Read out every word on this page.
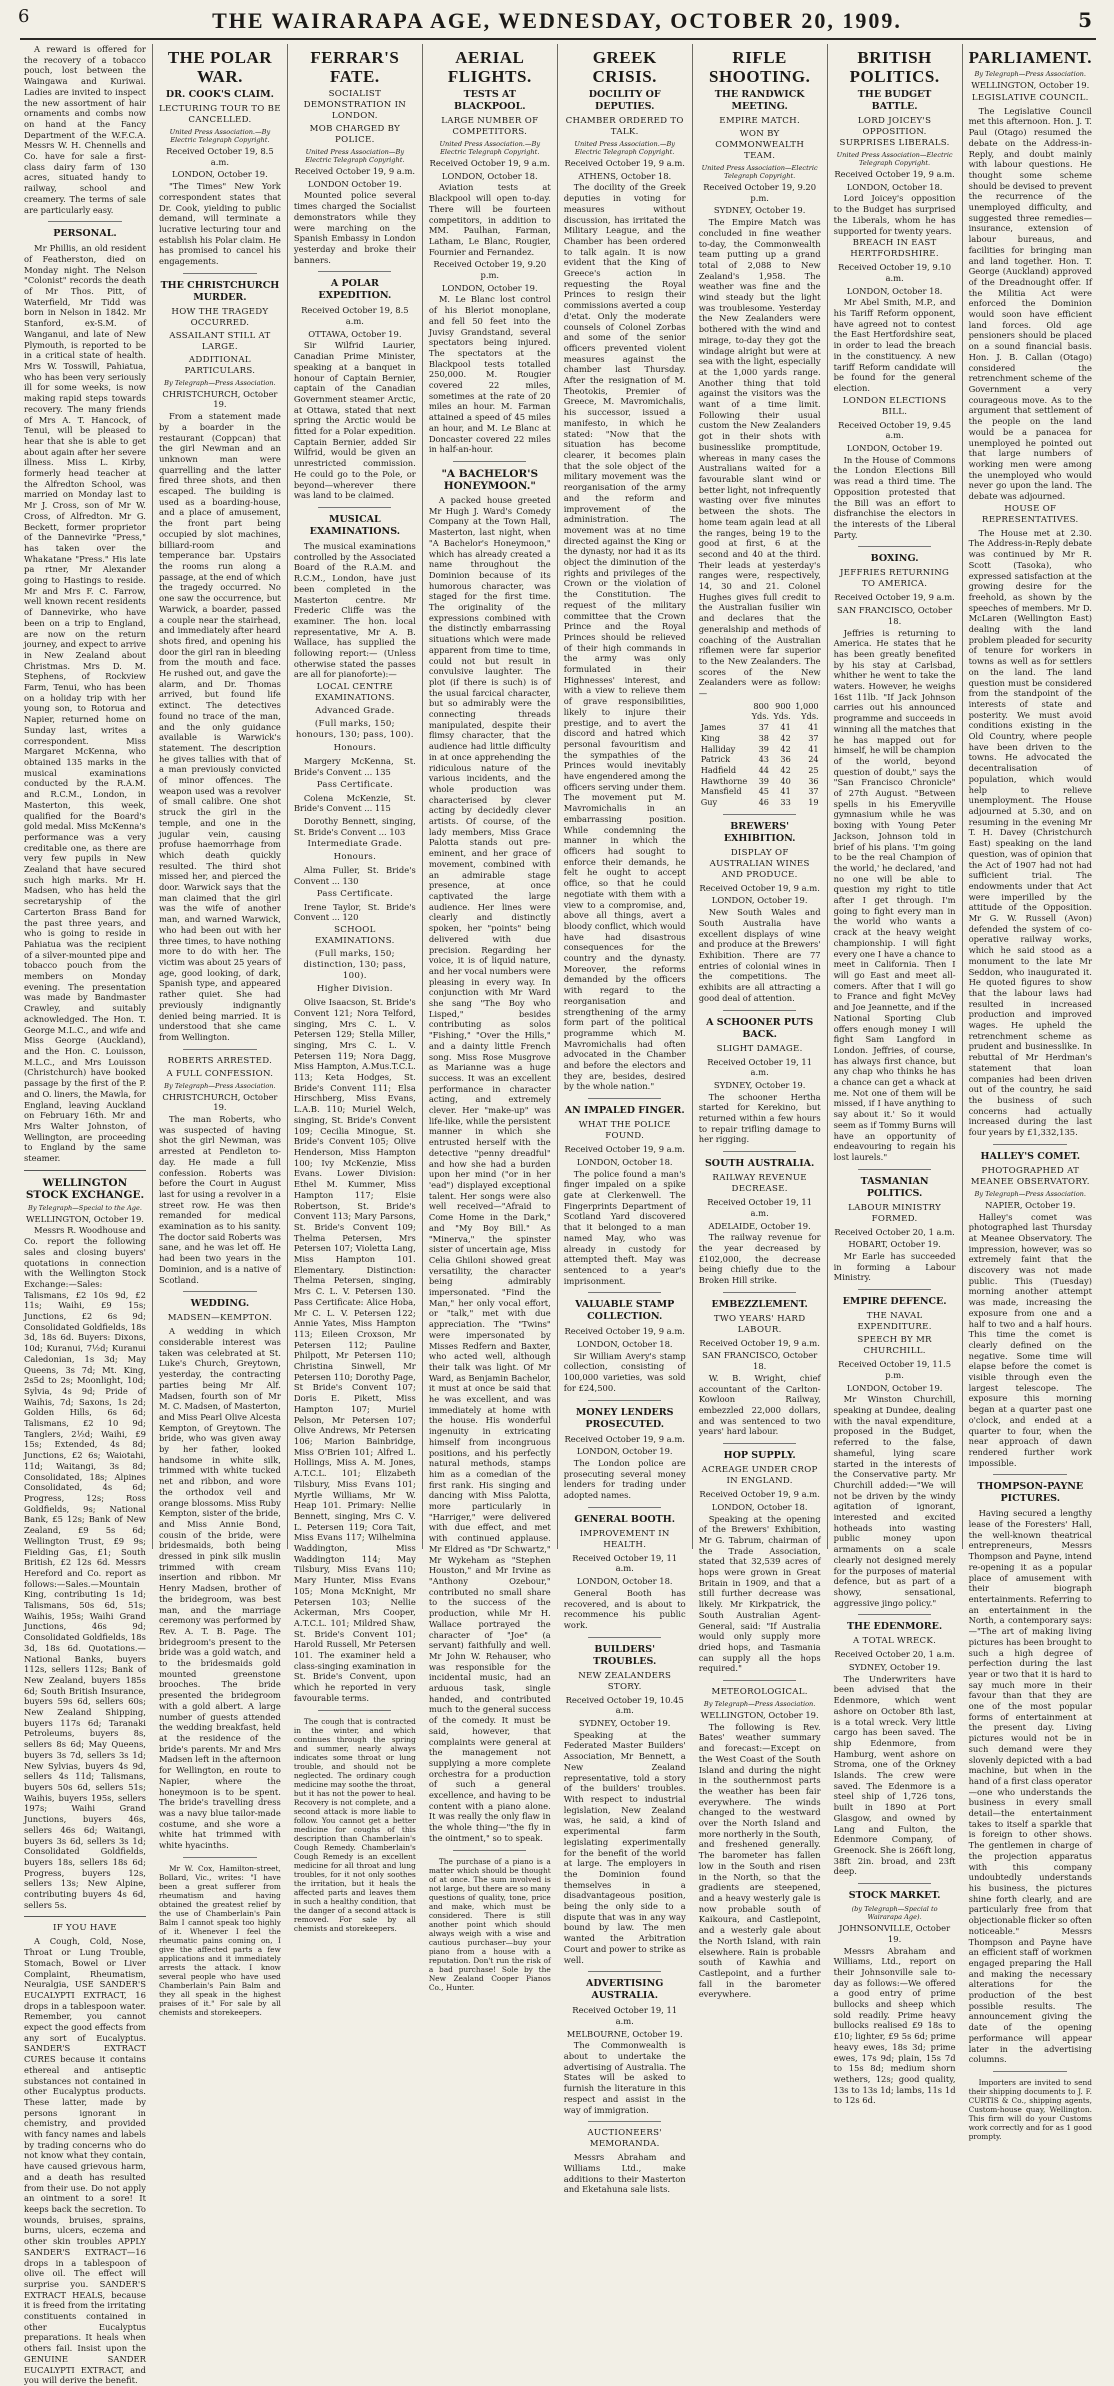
6	THE WAIRARAPA AGE, WEDNESDAY, OCTOBER 20, 1909.	5

A reward is offered for the recovery of a tobacco pouch, lost between the Waingawa and Kuriwai. Ladies are invited to inspect the new assortment of hair ornaments and combs now on hand at the Fancy Department of the W.F.C.A. Messrs W. H. Chennells and Co. have for sale a first-class dairy farm of 130 acres, situated handy to railway, school and creamery. The terms of sale are particularly easy.

PERSONAL.

Mr Phillis, an old resident of Featherston, died on Monday night. The Nelson "Colonist" records the death of Mr Thos. Pitt, of Waterfield, Mr Tidd was born in Nelson in 1842. Mr Stanford, ex-S.M. of Wanganui, and late of New Plymouth, is reported to be in a critical state of health. Mrs W. Tosswill, Pahiatua, who has been very seriously ill for some weeks, is now making rapid steps towards recovery. The many friends of Mrs A. T. Hancock, of Tenui, will be pleased to hear that she is able to get about again after her severe illness. Miss L. Kirby, formerly head teacher at the Alfredton School, was married on Monday last to Mr J. Cross, son of Mr W. Cross, of Alfredton. Mr G. Beckett, former proprietor of the Dannevirke "Press," has taken over the Whakatane "Press." His late pa rtner, Mr Alexander going to Hastings to reside. Mr and Mrs F. C. Farrow, well known recent residents of Dannevirke, who have been on a trip to England, are now on the return journey, and expect to arrive in New Zealand about Christmas. Mrs D. M. Stephens, of Rockview Farm, Tenui, who has been on a holiday trip with her young son, to Rotorua and Napier, returned home on Sunday last, writes a correspondent. Miss Margaret McKenna, who obtained 135 marks in the musical examinations conducted by the R.A.M. and R.C.M., London, in Masterton, this week, qualified for the Board's gold medal. Miss McKenna's performance was a very creditable one, as there are very few pupils in New Zealand that have secured such high marks. Mr H. Madsen, who has held the secretaryship of the Carterton Brass Band for the past three years, and who is going to reside in Pahiatua was the recipient of a silver-mounted pipe and tobacco pouch from the members on Monday evening. The presentation was made by Bandmaster Crawley, and suitably acknowledged. The Hon. T. George M.L.C., and wife and Miss George (Auckland), and the Hon. C. Louisson, M.L.C., and Mrs Louisson (Christchurch) have booked passage by the first of the P. and O. liners, the Mawla, for England, leaving Auckland on February 16th. Mr and Mrs Walter Johnston, of Wellington, are proceeding to England by the same steamer.

WELLINGTON STOCK EXCHANGE.
By Telegraph—Special to the Age.
WELLINGTON, October 19.

Messrs R. Woodhouse and Co. report the following sales and closing buyers' quotations in connection with the Wellington Stock Exchange:—Sales: Talismans, £2 10s 9d, £2 11s; Waihi, £9 15s; Junctions, £2 6s 9d; Consolidated Goldfields, 18s 3d, 18s 6d. Buyers: Dixons, 10d; Kuranui, 7½d; Kuranui Caledonian, 1s 3d; May Queens, 3s 7d; Mt. King, 2s5d to 2s; Moonlight, 10d; Sylvia, 4s 9d; Pride of Waihis, 7d; Saxons, 1s 2d; Golden Hills, 6s 6d; Talismans, £2 10 9d; Tanglers, 2½d; Waihi, £9 15s; Extended, 4s 8d; Junctions, £2 6s; Waiotahi, 11d; Waitangi, 3s 8d; Consolidated, 18s; Alpines Consolidated, 4s 6d; Progress, 12s; Ross Goldfields, 9s; National Bank, £5 12s; Bank of New Zealand, £9 5s 6d; Wellington Trust, £9 9s; Fielding Gas, £1; South British, £2 12s 6d. Messrs Hereford and Co. report as follows:—Sales.—Mountain King, contributing 1s 1d; Talismans, 50s 6d, 51s; Waihis, 195s; Waihi Grand Junctions, 46s 9d; Consolidated Goldfields, 18s 3d, 18s 6d. Quotations.—National Banks, buyers 112s, sellers 112s; Bank of New Zealand, buyers 185s 6d; South British Insurance, buyers 59s 6d, sellers 60s; New Zealand Shipping, buyers 117s 6d; Taranaki Petroleums, buyers 8s, sellers 8s 6d; May Queens, buyers 3s 7d, sellers 3s 1d; New Sylvias, buyers 4s 9d, sellers 4s 11d; Talismans, buyers 50s 6d, sellers 51s; Waihis, buyers 195s, sellers 197s; Waihi Grand Junctions, buyers 46s, sellers 46s 6d; Waitangi, buyers 3s 6d, sellers 3s 1d; Consolidated Goldfields, buyers 18s, sellers 18s 6d; Progress, buyers 12s, sellers 13s; New Alpine, contributing buyers 4s 6d, sellers 5s.

IF YOU HAVE

A Cough, Cold, Nose, Throat or Lung Trouble, Stomach, Bowel or Liver Complaint, Rheumatism, Neuralgia, USE SANDER'S EUCALYPTI EXTRACT, 16 drops in a tablespoon water. Remember, you cannot expect the good effects from any sort of Eucalyptus. SANDER'S EXTRACT CURES because it contains ethereal and antiseptic substances not contained in other Eucalyptus products. These latter, made by persons ignorant in chemistry, and provided with fancy names and labels by trading concerns who do not know what they contain, have caused grievous harm, and a death has resulted from their use. Do not apply an ointment to a sore! It keeps back the secretion. To wounds, bruises, sprains, burns, ulcers, eczema and other skin troubles APPLY SANDER'S EXTRACT—16 drops in a tablespoon of olive oil. The effect will surprise you. SANDER'S EXTRACT HEALS, because it is freed from the irritating constituents contained in other Eucalyptus preparations. It heals when others fail. Insist upon the GENUINE SANDER EUCALYPTI EXTRACT, and you will derive the benefit.

THE POLAR WAR.
DR. COOK'S CLAIM.
LECTURING TOUR TO BE CANCELLED.
United Press Association.—By Electric Telegraph Copyright.
Received October 19, 8.5 a.m.
LONDON, October 19.

"The Times" New York correspondent states that Dr. Cook, yielding to public demand, will terminate a lucrative lecturing tour and establish his Polar claim. He has promised to cancel his engagements.

THE CHRISTCHURCH MURDER.
HOW THE TRAGEDY OCCURRED.
ASSAILANT STILL AT LARGE.
ADDITIONAL PARTICULARS.
By Telegraph—Press Association.
CHRISTCHURCH, October 19.

From a statement made by a boarder in the restaurant (Coppcan) that the girl Newman and an unknown man were quarrelling and the latter fired three shots, and then escaped. The building is used as a boarding-house, and a place of amusement, the front part being occupied by slot machines, billiard-room and temperance bar. Upstairs the rooms run along a passage, at the end of which the tragedy occurred. No one saw the occurrence, but Warwick, a boarder, passed a couple near the stairhead, and immediately after heard shots fired, and opening his door the girl ran in bleeding from the mouth and face. He rushed out, and gave the alarm, and Dr. Thomas arrived, but found life extinct. The detectives found no trace of the man, and the only guidance available is Warwick's statement. The description he gives tallies with that of a man previously convicted of minor offences. The weapon used was a revolver of small calibre. One shot struck the girl in the temple, and one in the jugular vein, causing profuse haemorrhage from which death quickly resulted. The third shot missed her, and pierced the door. Warwick says that the man claimed that the girl was the wife of another man, and warned Warwick, who had been out with her three times, to have nothing more to do with her. The victim was about 25 years of age, good looking, of dark, Spanish type, and appeared rather quiet. She had previously indignantly denied being married. It is understood that she came from Wellington.

ROBERTS ARRESTED.
A FULL CONFESSION.
By Telegraph—Press Association.
CHRISTCHURCH, October 19.

The man Roberts, who was suspected of having shot the girl Newman, was arrested at Pendleton to-day. He made a full confession. Roberts was before the Court in August last for using a revolver in a street row. He was then remanded for medical examination as to his sanity. The doctor said Roberts was sane, and he was let off. He had been two years in the Dominion, and is a native of Scotland.

WEDDING.
MADSEN—KEMPTON.

A wedding in which considerable interest was taken was celebrated at St. Luke's Church, Greytown, yesterday, the contracting parties being Mr Alf. Madsen, fourth son of Mr M. C. Madsen, of Masterton, and Miss Pearl Olive Alcesta Kempton, of Greytown. The bride, who was given away by her father, looked handsome in white silk, trimmed with white tucked net and ribbon, and wore the orthodox veil and orange blossoms. Miss Ruby Kempton, sister of the bride, and Miss Annie Bond, cousin of the bride, were bridesmaids, both being dressed in pink silk muslin trimmed with cream insertion and ribbon. Mr Henry Madsen, brother of the bridegroom, was best man, and the marriage ceremony was performed by Rev. A. T. B. Page. The bridegroom's present to the bride was a gold watch, and to the bridesmaids gold mounted greenstone brooches. The bride presented the bridegroom with a gold albert. A large number of guests attended the wedding breakfast, held at the residence of the bride's parents. Mr and Mrs Madsen left in the afternoon for Wellington, en route to Napier, where the honeymoon is to be spent. The bride's travelling dress was a navy blue tailor-made costume, and she wore a white hat trimmed with white hyacinths.

Mr W. Cox, Hamilton-street, Bollard, Vic., writes: "I have been a great sufferer from rheumatism and having obtained the greatest relief by the use of Chamberlain's Pain Balm I cannot speak too highly of it. Whenever I feel the rheumatic pains coming on, I give the affected parts a few applications and it immediately arrests the attack. I know several people who have used Chamberlain's Pain Balm and they all speak in the highest praises of it." For sale by all chemists and storekeepers.

FERRAR'S FATE.
SOCIALIST DEMONSTRATION IN LONDON.
MOB CHARGED BY POLICE.
United Press Association—By Electric Telegraph Copyright.
Received October 19, 9 a.m.
LONDON October 19.

Mounted police several times charged the Socialist demonstrators while they were marching on the Spanish Embassy in London yesterday and broke their banners.

A POLAR EXPEDITION.
Received October 19, 8.5 a.m.
OTTAWA, October 19.

Sir Wilfrid Laurier, Canadian Prime Minister, speaking at a banquet in honour of Captain Bernier, captain of the Canadian Government steamer Arctic, at Ottawa, stated that next spring the Arctic would be fitted for a Polar expedition. Captain Bernier, added Sir Wilfrid, would be given an unrestricted commission. He could go to the Pole, or beyond—wherever there was land to be claimed.

MUSICAL EXAMINATIONS.

The musical examinations controlled by the Associated Board of the R.A.M. and R.C.M., London, have just been completed in the Masterton centre. Mr Frederic Cliffe was the examiner. The hon. local representative, Mr A. B. Wallace, has supplied the following report:— (Unless otherwise stated the passes are all for pianoforte):—

LOCAL CENTRE EXAMINATIONS.
Advanced Grade.
(Full marks, 150; honours, 130; pass, 100).
Honours.

Margery McKenna, St. Bride's Convent ... 135

Pass Certificate.

Colena McKenzie, St. Bride's Convent ... 115

Dorothy Bennett, singing, St. Bride's Convent ... 103

Intermediate Grade.
Honours.

Alma Fuller, St. Bride's Convent ... 130

Pass Certificate.

Irene Taylor, St. Bride's Convent ... 120

SCHOOL EXAMINATIONS.
(Full marks, 150; distinction, 130; pass, 100).
Higher Division.

Olive Isaacson, St. Bride's Convent 121; Nora Telford, singing, Mrs C. L. V. Petersen 129; Stella Miller, singing, Mrs C. L. V. Petersen 119; Nora Dagg, Miss Hampton, A.Mus.T.C.L. 113; Keta Hodges, St. Bride's Convent 111; Elsa Hirschberg, Miss Evans, L.A.B. 110; Muriel Welch, singing, St. Bride's Convent 109; Cecilia Minogue, St. Bride's Convent 105; Olive Henderson, Miss Hampton 100; Ivy McKenzie, Miss Evans. Lower Division: Ethel M. Kummer, Miss Hampton 117; Elsie Robertson, St. Bride's Convent 113; Mary Parsons, St. Bride's Convent 109; Thelma Petersen, Mrs Petersen 107; Violetta Lang, Miss Hampton 101. Elementary. Distinction: Thelma Petersen, singing, Mrs C. L. V. Petersen 130. Pass Certificate: Alice Hoba, Mr C. L. V. Petersen 122; Annie Yates, Miss Hampton 113; Eileen Croxson, Mr Petersen 112; Pauline Philpott, Mr Petersen 110; Christina Sinwell, Mr Petersen 110; Dorothy Page, St Bride's Convent 107; Doris E. Pikett, Miss Hampton 107; Muriel Pelson, Mr Petersen 107; Olive Andrews, Mr Petersen 106; Marion Bainbridge, Miss O'Brien 101; Alfred L. Hollings, Miss A. M. Jones, A.T.C.L. 101; Elizabeth Tilsbury, Miss Evans 101; Myrtle Williams, Mr W. Heap 101. Primary: Nellie Bennett, singing, Mrs C. V. L. Petersen 119; Cora Tait, Miss Evans 117; Wilhelmina Waddington, Miss Waddington 114; May Tilsbury, Miss Evans 110; Mary Hunter, Miss Evans 105; Mona McKnight, Mr Petersen 103; Nellie Ackerman, Mrs Cooper, A.T.C.L. 101; Mildred Shaw, St. Bride's Convent 101; Harold Russell, Mr Petersen 101. The examiner held a class-singing examination in St. Bride's Convent, upon which he reported in very favourable terms.

The cough that is contracted in the winter, and which continues through the spring and summer, nearly always indicates some throat or lung trouble, and should not be neglected. The ordinary cough medicine may soothe the throat, but it has not the power to heal. Recovery is not complete, and a second attack is more liable to follow. You cannot get a better medicine for coughs of this description than Chamberlain's Cough Remedy. Chamberlain's Cough Remedy is an excellent medicine for all throat and lung troubles, for it not only soothes the irritation, but it heals the affected parts and leaves them in such a healthy condition, that the danger of a second attack is removed. For sale by all chemists and storekeepers.

AERIAL FLIGHTS.
TESTS AT BLACKPOOL.
LARGE NUMBER OF COMPETITORS.
United Press Association.—By Electric Telegraph Copyright.
Received October 19, 9 a.m.
LONDON, October 18.

Aviation tests at Blackpool will open to-day. There will be fourteen competitors, in addition to MM. Paulhan, Farman, Latham, Le Blanc, Rougier, Fournier and Fernandez.

Received October 19, 9.20 p.m.
LONDON, October 19.

M. Le Blanc lost control of his Bleriot monoplane, and fell 50 feet into the Juvisy Grandstand, several spectators being injured. The spectators at the Blackpool tests totalled 250,000. M. Rougier covered 22 miles, sometimes at the rate of 20 miles an hour. M. Farman attained a speed of 45 miles an hour, and M. Le Blanc at Doncaster covered 22 miles in half-an-hour.

"A BACHELOR'S HONEYMOON."

A packed house greeted Mr Hugh J. Ward's Comedy Company at the Town Hall, Masterton, last night, when "A Bachelor's Honeymoon," which has already created a name throughout the Dominion because of its humorous character, was staged for the first time. The originality of the expressions combined with the distinctly embarrassing situations which were made apparent from time to time, could not but result in convulsive laughter. The plot (if there is such) is of the usual farcical character, but so admirably were the connecting threads manipulated, despite their flimsy character, that the audience had little difficulty in at once apprehending the ridiculous nature of the various incidents, and the whole production was characterised by clever acting by decidedly clever artists. Of course, of the lady members, Miss Grace Palotta stands out pre-eminent, and her grace of movement, combined with an admirable stage presence, at once captivated the large audience. Her lines were clearly and distinctly spoken, her "points" being delivered with due precision. Regarding her voice, it is of liquid nature, and her vocal numbers were pleasing in every way. In conjunction with Mr Ward she sang "The Boy who Lisped," besides contributing as solos "Fishing," "Over the Hills," and a dainty little French song. Miss Rose Musgrove as Marianne was a huge success. It was an excellent performance in character acting, and extremely clever. Her "make-up" was life-like, while the persistent manner in which she entrusted herself with the detective "penny dreadful" and how she had a burden upon her mind ("or in her 'ead") displayed exceptional talent. Her songs were also well received—"Afraid to Come Home in the Dark," and "My Boy Bill." As "Minerva," the spinster sister of uncertain age, Miss Celia Ghiloni showed great versatility, the character being admirably impersonated. "Find the Man," her only vocal effort, or "talk," met with due appreciation. The "Twins" were impersonated by Misses Redfern and Baxter, who acted well, although their talk was light. Of Mr Ward, as Benjamin Bachelor, it must at once be said that he was excellent, and was immediately at home with the house. His wonderful ingenuity in extricating himself from incongruous positions, and his perfectly natural methods, stamps him as a comedian of the first rank. His singing and dancing with Miss Palotta, more particularly in "Harriger," were delivered with due effect, and met with continued applause. Mr Eldred as "Dr Schwartz," Mr Wykeham as "Stephen Houston," and Mr Irvine as "Anthony Ozebour," contributed no small share to the success of the production, while Mr H. Wallace portrayed the character of "Joe" (a servant) faithfully and well. Mr John W. Rehauser, who was responsible for the incidental music, had an arduous task, single handed, and contributed much to the general success of the comedy. It must be said, however, that complaints were general at the management not supplying a more complete orchestra for a production of such a general excellence, and having to be content with a piano alone. It was really the only flaw in the whole thing—"the fly in the ointment," so to speak.

The purchase of a piano is a matter which should be thought of at once. The sum involved is not large, but there are so many questions of quality, tone, price and make, which must be considered. There is still another point which should always weigh with a wise and cautious purchaser—buy your piano from a house with a reputation. Don't run the risk of a bad purchase! Sole by the New Zealand Cooper Pianos Co., Hunter.

GREEK CRISIS.
DOCILITY OF DEPUTIES.
CHAMBER ORDERED TO TALK.
United Press Association.—By Electric Telegraph Copyright.
Received October 19, 9 a.m.
ATHENS, October 18.

The docility of the Greek deputies in voting for measures without discussion, has irritated the Military League, and the Chamber has been ordered to talk again. It is now evident that the King of Greece's action in requesting the Royal Princes to resign their commissions averted a coup d'etat. Only the moderate counsels of Colonel Zorbas and some of the senior officers prevented violent measures against the chamber last Thursday. After the resignation of M. Theotokis, Premier of Greece, M. Mavromichalis, his successor, issued a manifesto, in which he stated: "Now that the situation has become clearer, it becomes plain that the sole object of the military movement was the reorganisation of the army and the reform and improvement of the administration. The movement was at no time directed against the King or the dynasty, nor had it as its object the diminution of the rights and privileges of the Crown or the violation of the Constitution. The request of the military committee that the Crown Prince and the Royal Princes should be relieved of their high commands in the army was only formulated in their Highnesses' interest, and with a view to relieve them of grave responsibilities, likely to injure their prestige, and to avert the discord and hatred which personal favouritism and the sympathies of the Princes would inevitably have engendered among the officers serving under them. The movement put M. Mavromichalis in an embarrassing position. While condemning the manner in which the officers had sought to enforce their demands, he felt he ought to accept office, so that he could negotiate with them with a view to a compromise, and, above all things, avert a bloody conflict, which would have had disastrous consequences for the country and the dynasty. Moreover, the reforms demanded by the officers with regard to the reorganisation and strengthening of the army form part of the political programme which M. Mavromichalis had often advocated in the Chamber and before the electors and they are, besides, desired by the whole nation."

AN IMPALED FINGER.
WHAT THE POLICE FOUND.
Received October 19, 9 a.m.
LONDON, October 18.

The police found a man's finger impaled on a spike gate at Clerkenwell. The Fingerprints Department of Scotland Yard discovered that it belonged to a man named May, who was already in custody for attempted theft. May was sentenced to a year's imprisonment.

VALUABLE STAMP COLLECTION.
Received October 19, 9 a.m.
LONDON, October 18.

Sir William Avery's stamp collection, consisting of 100,000 varieties, was sold for £24,500.

MONEY LENDERS PROSECUTED.
Received October 19, 9 a.m.
LONDON, October 19.

The London police are prosecuting several money lenders for trading under adopted names.

GENERAL BOOTH.
IMPROVEMENT IN HEALTH.
Received October 19, 11 a.m.
LONDON, October 18.

General Booth has recovered, and is about to recommence his public work.

BUILDERS' TROUBLES.
NEW ZEALANDERS STORY.
Received October 19, 10.45 a.m.
SYDNEY, October 19.

Speaking at the Federated Master Builders' Association, Mr Bennett, a New Zealand representative, told a story of the builders' troubles. With respect to industrial legislation, New Zealand was, he said, a kind of experimental farm legislating experimentally for the benefit of the world at large. The employers in the Dominion found themselves in a disadvantageous position, being the only side to a dispute that was in any way bound by law. The men wanted the Arbitration Court and power to strike as well.

ADVERTISING AUSTRALIA.
Received October 19, 11 a.m.
MELBOURNE, October 19.

The Commonwealth is about to undertake the advertising of Australia. The States will be asked to furnish the literature in this respect and assist in the way of immigration.

AUCTIONEERS' MEMORANDA.

Messrs Abraham and Williams Ltd., make additions to their Masterton and Eketahuna sale lists.

RIFLE SHOOTING.
THE RANDWICK MEETING.
EMPIRE MATCH.
WON BY COMMONWEALTH TEAM.
United Press Association—Electric Telegraph Copyright.
Received October 19, 9.20 p.m.
SYDNEY, October 19.

The Empire Match was concluded in fine weather to-day, the Commonwealth team putting up a grand total of 2,088 to New Zealand's 1,958. The weather was fine and the wind steady but the light was troublesome. Yesterday the New Zealanders were bothered with the wind and mirage, to-day they got the windage alright but were at sea with the light, especially at the 1,000 yards range. Another thing that told against the visitors was the want of a time limit. Following their usual custom the New Zealanders got in their shots with businesslike promptitude, whereas in many cases the Australians waited for a favourable slant wind or better light, not infrequently wasting over five minutes between the shots. The home team again lead at all the ranges, being 19 to the good at first, 6 at the second and 40 at the third. Their leads at yesterday's ranges were, respectively, 14, 30 and 21. Colonel Hughes gives full credit to the Australian fusilier win and declares that the generalship and methods of coaching of the Australian riflemen were far superior to the New Zealanders. The scores of the New Zealanders were as follow:—

	800 Yds.	900 Yds.	1,000 Yds.
James	37	41	41
King	38	42	37
Halliday	39	42	41
Patrick	43	36	24
Hadfield	44	42	25
Hawthorne	39	40	36
Mansfield	45	41	37
Guy	46	33	19
BREWERS' EXHIBITION.
DISPLAY OF AUSTRALIAN WINES AND PRODUCE.
Received October 19, 9 a.m.
LONDON, October 19.

New South Wales and South Australia have excellent displays of wine and produce at the Brewers' Exhibition. There are 77 entries of colonial wines in the competitions. The exhibits are all attracting a good deal of attention.

A SCHOONER PUTS BACK.
SLIGHT DAMAGE.
Received October 19, 11 a.m.
SYDNEY, October 19.

The schooner Hertha started for Kerekino, but returned within a few hours to repair trifling damage to her rigging.

SOUTH AUSTRALIA.
RAILWAY REVENUE DECREASE.
Received October 19, 11 a.m.
ADELAIDE, October 19.

The railway revenue for the year decreased by £102,000, the decrease being chiefly due to the Broken Hill strike.

EMBEZZLEMENT.
TWO YEARS' HARD LABOUR.
Received October 19, 9 a.m.
SAN FRANCISCO, October 18.

W. B. Wright, chief accountant of the Carlton-Kowloon Railway, embezzled 22,000 dollars, and was sentenced to two years' hard labour.

HOP SUPPLY.
ACREAGE UNDER CROP IN ENGLAND.
Received October 19, 9 a.m.
LONDON, October 18.

Speaking at the opening of the Brewers' Exhibition, Mr G. Tabrum, chairman of the Trade Association, stated that 32,539 acres of hops were grown in Great Britain in 1909, and that a still further decrease was likely. Mr Kirkpatrick, the South Australian Agent-General, said: "If Australia would only supply more dried hops, and Tasmania can supply all the hops required."

METEOROLOGICAL.
By Telegraph—Press Association.
WELLINGTON, October 19.

The following is Rev. Bates' weather summary and forecast:—Except on the West Coast of the South Island and during the night in the southernmost parts the weather has been fair everywhere. The winds changed to the westward over the North Island and more northerly in the South, and freshened generally. The barometer has fallen low in the South and risen in the North, so that the gradients are steepened, and a heavy westerly gale is now probable south of Kaikoura, and Castlepoint, and a westerly gale about the North Island, with rain elsewhere. Rain is probable south of Kawhia and Castlepoint, and a further fall in the barometer everywhere.

BRITISH POLITICS.
THE BUDGET BATTLE.
LORD JOICEY'S OPPOSITION. SURPRISES LIBERALS.
United Press Association—Electric Telegraph Copyright.
Received October 19, 9 a.m.
LONDON, October 18.

Lord Joicey's opposition to the Budget has surprised the Liberals, whom he has supported for twenty years.

BREACH IN EAST HERTFORDSHIRE.
Received October 19, 9.10 a.m.
LONDON, October 18.

Mr Abel Smith, M.P., and his Tariff Reform opponent, have agreed not to contest the East Hertfordshire seat, in order to lead the breach in the constituency. A new tariff Reform candidate will be found for the general election.

LONDON ELECTIONS BILL.
Received October 19, 9.45 a.m.
LONDON, October 19.

In the House of Commons the London Elections Bill was read a third time. The Opposition protested that the Bill was an effort to disfranchise the electors in the interests of the Liberal Party.

BOXING.
JEFFRIES RETURNING TO AMERICA.
Received October 19, 9 a.m.
SAN FRANCISCO, October 18.

Jeffries is returning to America. He states that he has been greatly benefited by his stay at Carlsbad, whither he went to take the waters. However, he weighs 16st 11lb. "If Jack Johnson carries out his announced programme and succeeds in winning all the matches that he has mapped out for himself, he will be champion of the world, beyond question of doubt," says the "San Francisco Chronicle" of 27th August. "Between spells in his Emeryville gymnasium while he was boxing with Young Peter Jackson, Johnson told in brief of his plans. 'I'm going to be the real Champion of the world,' he declared, 'and no one will be able to question my right to title after I get through. I'm going to fight every man in the world who wants a crack at the heavy weight championship. I will fight every one I have a chance to meet in California. Then I will go East and meet all-comers. After that I will go to France and fight McVey and Joe Jeannette, and if the National Sporting Club offers enough money I will fight Sam Langford in London. Jeffries, of course, has always first chance, but any chap who thinks he has a chance can get a whack at me. Not one of them will be missed, if I have anything to say about it.' So it would seem as if Tommy Burns will have an opportunity of endeavouring to regain his lost laurels."

TASMANIAN POLITICS.
LABOUR MINISTRY FORMED.
Received October 20, 1 a.m.
HOBART, October 19.

Mr Earle has succeeded in forming a Labour Ministry.

EMPIRE DEFENCE.
THE NAVAL EXPENDITURE.
SPEECH BY MR CHURCHILL.
Received October 19, 11.5 p.m.
LONDON, October 19.

Mr Winston Churchill, speaking at Dundee, dealing with the naval expenditure, proposed in the Budget, referred to the false, shameful, lying scare started in the interests of the Conservative party. Mr Churchill added:—"We will not be driven by the windy agitation of ignorant, interested and excited hotheads into wasting public money upon armaments on a scale clearly not designed merely for the purposes of material defence, but as part of a showy, sensational, aggressive jingo policy."

THE EDENMORE.
A TOTAL WRECK.
Received October 20, 1 a.m.
SYDNEY, October 19.

The Underwriters have been advised that the Edenmore, which went ashore on October 8th last, is a total wreck. Very little cargo has been saved. The ship Edenmore, from Hamburg, went ashore on Stroma, one of the Orkney Islands. The crew were saved. The Edenmore is a steel ship of 1,726 tons, built in 1890 at Port Glasgow, and owned by Lang and Fulton, the Edenmore Company, of Greenock. She is 266ft long, 38ft 2in. broad, and 23ft deep.

STOCK MARKET.
(by Telegraph—Special to Wairarapa Age).
JOHNSONVILLE, October 19.

Messrs Abraham and Williams, Ltd., report on their Johnsonville sale to-day as follows:—We offered a good entry of prime bullocks and sheep which sold readily. Prime heavy bullocks realised £9 18s to £10; lighter, £9 5s 6d; prime heavy ewes, 18s 3d; prime ewes, 17s 9d; plain, 15s 7d to 15s 8d; medium shorn wethers, 12s; good quality, 13s to 13s 1d; lambs, 11s 1d to 12s 6d.

PARLIAMENT.
By Telegraph—Press Association.
WELLINGTON, October 19.
LEGISLATIVE COUNCIL.

The Legislative Council met this afternoon. Hon. J. T. Paul (Otago) resumed the debate on the Address-in-Reply, and doubt mainly with labour questions. He thought some scheme should be devised to prevent the recurrence of the unemployed difficulty, and suggested three remedies—insurance, extension of labour bureaus, and facilities for bringing man and land together. Hon. T. George (Auckland) approved of the Dreadnought offer. If the Militia Act were enforced the Dominion would soon have efficient land forces. Old age pensioners should be placed on a sound financial basis. Hon. J. B. Callan (Otago) considered the retrenchment scheme of the Government a very courageous move. As to the argument that settlement of the people on the land would be a panacea for unemployed he pointed out that large numbers of working men were among the unemployed who would never go upon the land. The debate was adjourned.

HOUSE OF REPRESENTATIVES.

The House met at 2.30. The Address-in-Reply debate was continued by Mr R. Scott (Tasoka), who expressed satisfaction at the growing desire for the freehold, as shown by the speeches of members. Mr D. McLaren (Wellington East) dealing with the land problem pleaded for security of tenure for workers in towns as well as for settlers on the land. The land question must be considered from the standpoint of the interests of state and posterity. We must avoid conditions existing in the Old Country, where people have been driven to the towns. He advocated the decentralisation of population, which would help to relieve unemployment. The House adjourned at 5.30, and on resuming in the evening Mr T. H. Davey (Christchurch East) speaking on the land question, was of opinion that the Act of 1907 had not had sufficient trial. The endowments under that Act were imperilled by the attitude of the Opposition. Mr G. W. Russell (Avon) defended the system of co-operative railway works, which he said stood as a monument to the late Mr Seddon, who inaugurated it. He quoted figures to show that the labour laws had resulted in increased production and improved wages. He upheld the retrenchment scheme as prudent and businesslike. In rebuttal of Mr Herdman's statement that loan companies had been driven out of the country, he said the business of such concerns had actually increased during the last four years by £1,332,135.

HALLEY'S COMET.
PHOTOGRAPHED AT MEANEE OBSERVATORY.
By Telegraph—Press Association.
NAPIER, October 19.

Halley's comet was photographed last Thursday at Meanee Observatory. The impression, however, was so extremely faint that the discovery was not made public. This (Tuesday) morning another attempt was made, increasing the exposure from one and a half to two and a half hours. This time the comet is clearly defined on the negative. Some time will elapse before the comet is visible through even the largest telescope. The exposure this morning began at a quarter past one o'clock, and ended at a quarter to four, when the near approach of dawn rendered further work impossible.

THOMPSON-PAYNE PICTURES.

Having secured a lengthy lease of the Foresters' Hall, the well-known theatrical entrepreneurs, Messrs Thompson and Payne, intend re-opening it as a popular place of amusement with their biograph entertainments. Referring to an entertainment in the North, a contemporary says:—"The art of making living pictures has been brought to such a high degree of perfection during the last year or two that it is hard to say much more in their favour than that they are one of the most popular forms of entertainment at the present day. Living pictures would not be in such demand were they slovenly depicted with a bad machine, but when in the hand of a first class operator—one who understands the business in every small detail—the entertainment takes to itself a sparkle that is foreign to other shows. The gentlemen in charge of the projection apparatus with this company undoubtedly understands his business, the pictures shine forth clearly, and are particularly free from that objectionable flicker so often noticeable." Messrs Thompson and Payne have an efficient staff of workmen engaged preparing the Hall and making the necessary alterations for the production of the best possible results. The announcement giving the date of the opening performance will appear later in the advertising columns.

Importers are invited to send their shipping documents to J. F. CURTIS & Co., shipping agents, Custom-house quay, Wellington. This firm will do your Customs work correctly and for as 1 good prompty.
